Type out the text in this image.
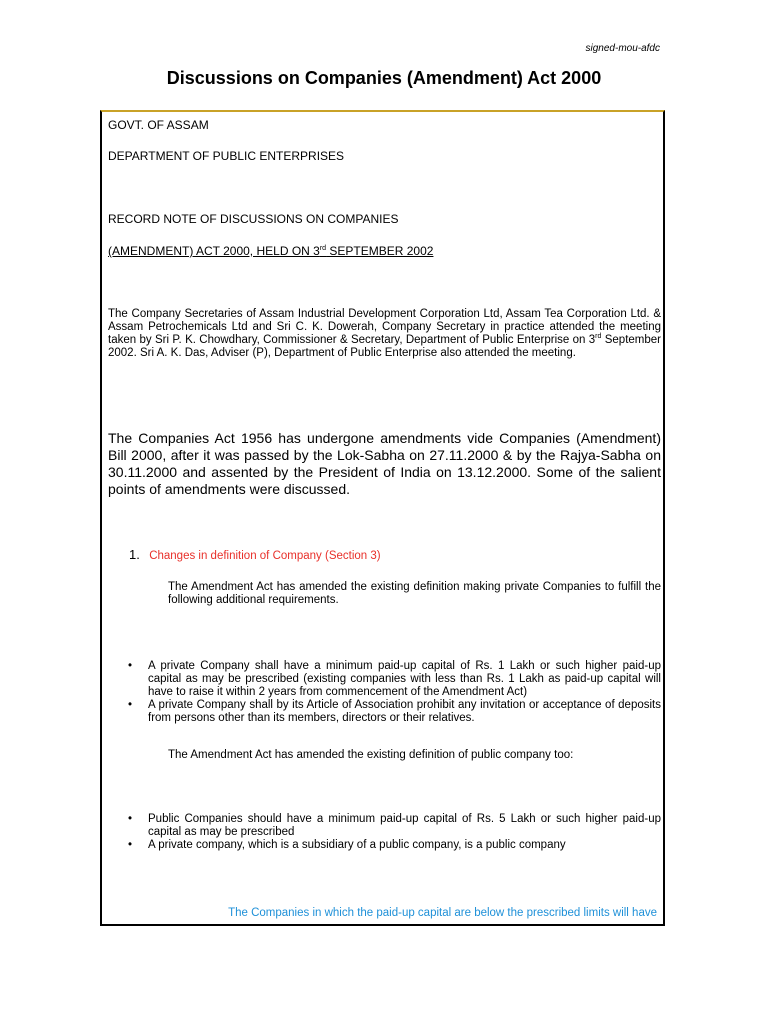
signed-mou-afdc
Discussions on Companies (Amendment) Act 2000

GOVT. OF ASSAM

DEPARTMENT OF PUBLIC ENTERPRISES

RECORD NOTE OF DISCUSSIONS ON COMPANIES

(AMENDMENT) ACT 2000, HELD ON 3rd SEPTEMBER 2002

The Company Secretaries of Assam Industrial Development Corporation Ltd, Assam Tea Corporation Ltd. & Assam Petrochemicals Ltd and Sri C. K. Dowerah, Company Secretary in practice attended the meeting taken by Sri P. K. Chowdhary, Commissioner & Secretary, Department of Public Enterprise on 3rd September 2002. Sri A. K. Das, Adviser (P), Department of Public Enterprise also attended the meeting.

The Companies Act 1956 has undergone amendments vide Companies (Amendment) Bill 2000, after it was passed by the Lok-Sabha on 27.11.2000 & by the Rajya-Sabha on 30.11.2000 and assented by the President of India on 13.12.2000. Some of the salient points of amendments were discussed.

1. Changes in definition of Company (Section 3)

The Amendment Act has amended the existing definition making private Companies to fulfill the following additional requirements.

• A private Company shall have a minimum paid-up capital of Rs. 1 Lakh or such higher paid-up capital as may be prescribed (existing companies with less than Rs. 1 Lakh as paid-up capital will have to raise it within 2 years from commencement of the Amendment Act)
• A private Company shall by its Article of Association prohibit any invitation or acceptance of deposits from persons other than its members, directors or their relatives.

The Amendment Act has amended the existing definition of public company too:

• Public Companies should have a minimum paid-up capital of Rs. 5 Lakh or such higher paid-up capital as may be prescribed
• A private company, which is a subsidiary of a public company, is a public company

The Companies in which the paid-up capital are below the prescribed limits will have
